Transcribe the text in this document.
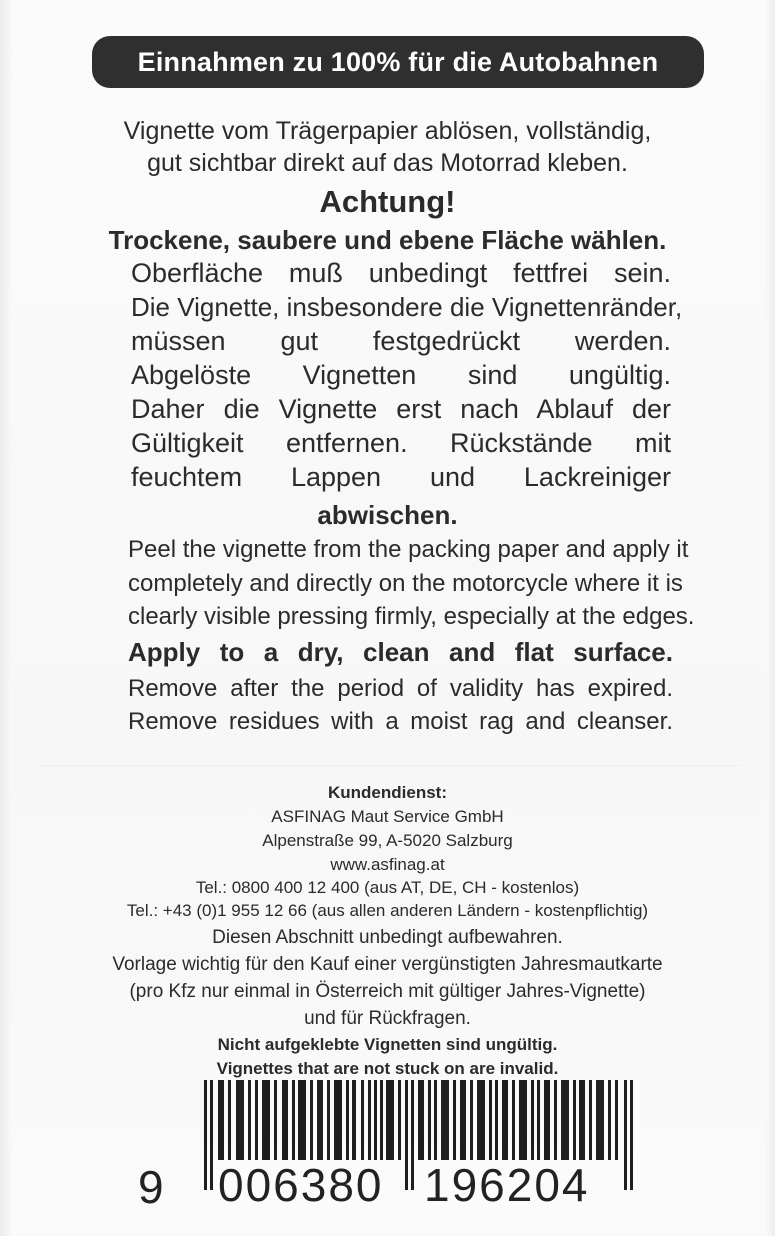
Einnahmen zu 100% für die Autobahnen
Vignette vom Trägerpapier ablösen, vollständig,
gut sichtbar direkt auf das Motorrad kleben.
Achtung!
Trockene, saubere und ebene Fläche wählen.
Oberfläche muß unbedingt fettfrei sein.
Die Vignette, insbesondere die Vignettenränder,
müssen gut festgedrückt werden.
Abgelöste Vignetten sind ungültig.
Daher die Vignette erst nach Ablauf der
Gültigkeit entfernen. Rückstände mit
feuchtem Lappen und Lackreiniger
abwischen.
Peel the vignette from the packing paper and apply it
completely and directly on the motorcycle where it is
clearly visible pressing firmly, especially at the edges.
Apply to a dry, clean and flat surface.
Remove after the period of validity has expired.
Remove residues with a moist rag and cleanser.
Kundendienst:
ASFINAG Maut Service GmbH
Alpenstraße 99, A-5020 Salzburg
www.asfinag.at
Tel.: 0800 400 12 400 (aus AT, DE, CH - kostenlos)
Tel.: +43 (0)1 955 12 66 (aus allen anderen Ländern - kostenpflichtig)
Diesen Abschnitt unbedingt aufbewahren.
Vorlage wichtig für den Kauf einer vergünstigten Jahresmautkarte
(pro Kfz nur einmal in Österreich mit gültiger Jahres-Vignette)
und für Rückfragen.
Nicht aufgeklebte Vignetten sind ungültig.
Vignettes that are not stuck on are invalid.
9 006380 196204
